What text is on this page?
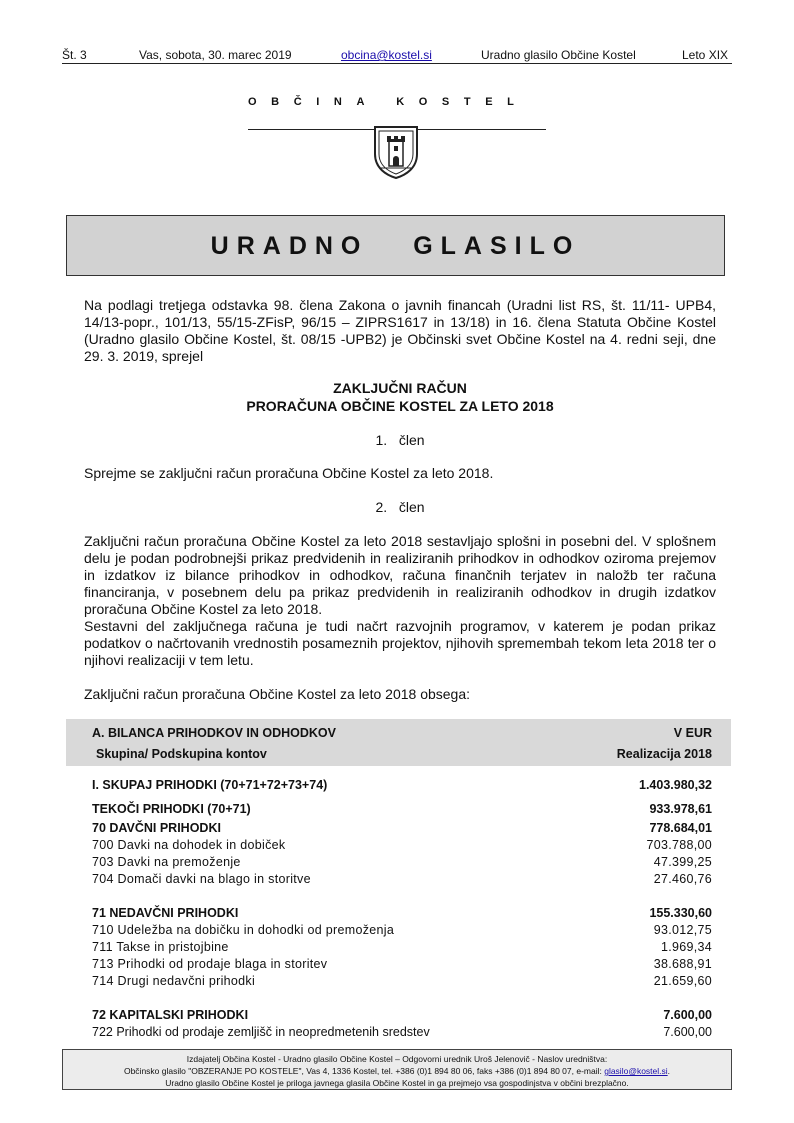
Št. 3	Vas, sobota, 30. marec 2019	obcina@kostel.si	Uradno glasilo Občine Kostel	Leto XIX
OBČINA KOSTEL
URADNO   GLASILO
Na podlagi tretjega odstavka 98. člena Zakona o javnih financah (Uradni list RS, št. 11/11- UPB4, 14/13-popr., 101/13, 55/15-ZFisP, 96/15 – ZIPRS1617 in 13/18) in 16. člena Statuta Občine Kostel (Uradno glasilo Občine Kostel, št. 08/15 -UPB2) je Občinski svet Občine Kostel na 4. redni seji, dne 29. 3. 2019, sprejel
ZAKLJUČNI RAČUN
PRORAČUNA OBČINE KOSTEL ZA LETO 2018
1.   člen
Sprejme se zaključni račun proračuna Občine Kostel za leto 2018.
2.   člen
Zaključni račun proračuna Občine Kostel za leto 2018 sestavljajo splošni in posebni del. V splošnem delu je podan podrobnejši prikaz predvidenih in realiziranih prihodkov in odhodkov oziroma prejemov in izdatkov iz bilance prihodkov in odhodkov, računa finančnih terjatev in naložb ter računa financiranja, v posebnem delu pa prikaz predvidenih in realiziranih odhodkov in drugih izdatkov proračuna Občine Kostel za leto 2018.
Sestavni del zaključnega računa je tudi načrt razvojnih programov, v katerem je podan prikaz podatkov o načrtovanih vrednostih posameznih projektov, njihovih spremembah tekom leta 2018 ter o njihovi realizaciji v tem letu.
Zaključni račun proračuna Občine Kostel za leto 2018 obsega:
A. BILANCA PRIHODKOV IN ODHODKOV	V EUR
Skupina/ Podskupina kontov	Realizacija 2018
I. SKUPAJ PRIHODKI (70+71+72+73+74)	1.403.980,32
TEKOČI PRIHODKI (70+71)	933.978,61
70 DAVČNI PRIHODKI	778.684,01
700 Davki na dohodek in dobiček	703.788,00
703 Davki na premoženje	47.399,25
704 Domači davki na blago in storitve	27.460,76
71 NEDAVČNI PRIHODKI	155.330,60
710 Udeležba na dobičku in dohodki od premoženja	93.012,75
711 Takse in pristojbine	1.969,34
713 Prihodki od prodaje blaga in storitev	38.688,91
714 Drugi nedavčni prihodki	21.659,60
72 KAPITALSKI PRIHODKI	7.600,00
722 Prihodki od prodaje zemljišč in neopredmetenih sredstev	7.600,00
Izdajatelj Občina Kostel - Uradno glasilo Občine Kostel – Odgovorni urednik Uroš Jelenovič - Naslov uredništva:
Občinsko glasilo "OBZERANJE PO KOSTELE", Vas 4, 1336 Kostel, tel. +386 (0)1 894 80 06, faks +386 (0)1 894 80 07, e-mail: glasilo@kostel.si.
Uradno glasilo Občine Kostel je priloga javnega glasila Občine Kostel in ga prejmejo vsa gospodinjstva v občini brezplačno.
